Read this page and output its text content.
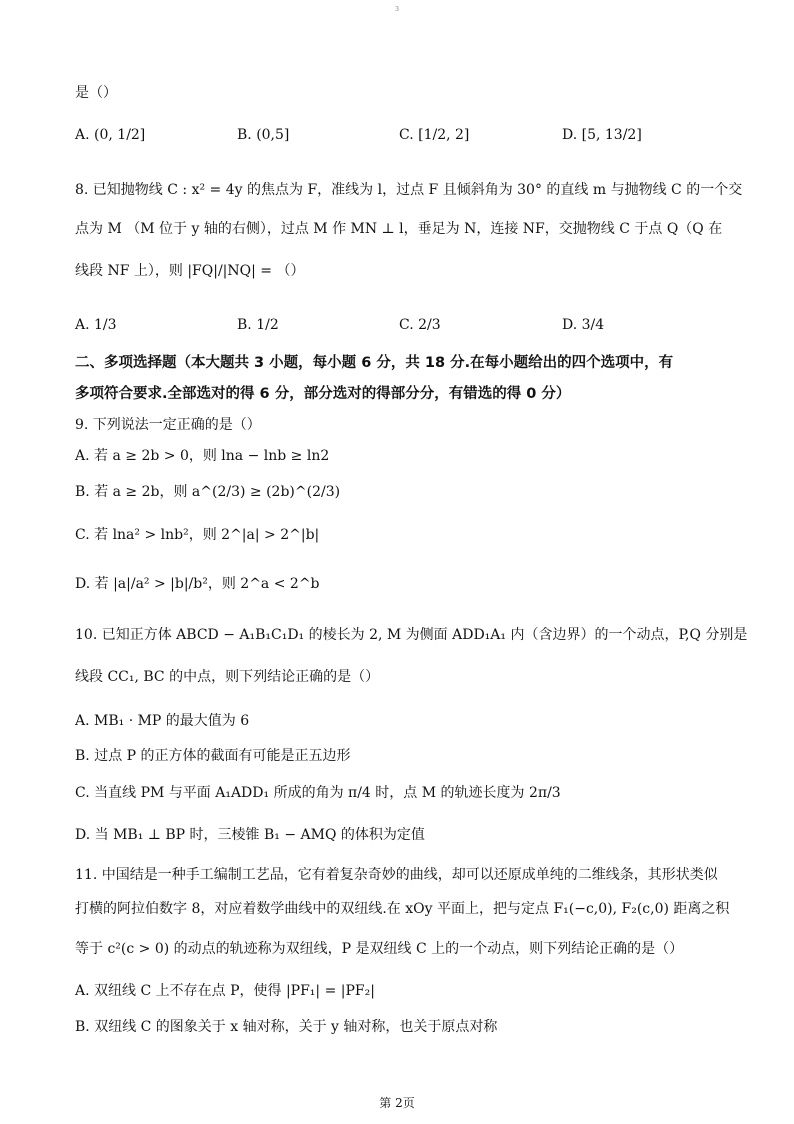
3
是（）
A. (0, 1/2]	B. (0,5]	C. [1/2, 2]	D. [5, 13/2]
8. 已知抛物线 C : x² = 4y 的焦点为 F，准线为 l，过点 F 且倾斜角为 30° 的直线 m 与抛物线 C 的一个交
点为 M （M 位于 y 轴的右侧），过点 M 作 MN ⊥ l，垂足为 N，连接 NF，交抛物线 C 于点 Q（Q 在
线段 NF 上），则 |FQ|/|NQ| = （）
A. 1/3	B. 1/2	C. 2/3	D. 3/4
二、多项选择题（本大题共 3 小题，每小题 6 分，共 18 分.在每小题给出的四个选项中，有
多项符合要求.全部选对的得 6 分，部分选对的得部分分，有错选的得 0 分）
9. 下列说法一定正确的是（）
A. 若 a ≥ 2b > 0，则 lna − lnb ≥ ln2
B. 若 a ≥ 2b，则 a^(2/3) ≥ (2b)^(2/3)
C. 若 lna² > lnb²，则 2^|a| > 2^|b|
D. 若 |a|/a² > |b|/b²，则 2^a < 2^b
10. 已知正方体 ABCD − A₁B₁C₁D₁ 的棱长为 2, M 为侧面 ADD₁A₁ 内（含边界）的一个动点，P,Q 分别是
线段 CC₁, BC 的中点，则下列结论正确的是（）
A. MB₁ · MP 的最大值为 6
B. 过点 P 的正方体的截面有可能是正五边形
C. 当直线 PM 与平面 A₁ADD₁ 所成的角为 π/4 时，点 M 的轨迹长度为 2π/3
D. 当 MB₁ ⊥ BP 时，三棱锥 B₁ − AMQ 的体积为定值
11. 中国结是一种手工编制工艺品，它有着复杂奇妙的曲线，却可以还原成单纯的二维线条，其形状类似
打横的阿拉伯数字 8，对应着数学曲线中的双纽线.在 xOy 平面上，把与定点 F₁(−c,0), F₂(c,0) 距离之积
等于 c²(c > 0) 的动点的轨迹称为双纽线，P 是双纽线 C 上的一个动点，则下列结论正确的是（）
A. 双纽线 C 上不存在点 P，使得 |PF₁| = |PF₂|
B. 双纽线 C 的图象关于 x 轴对称，关于 y 轴对称，也关于原点对称
第 2页
